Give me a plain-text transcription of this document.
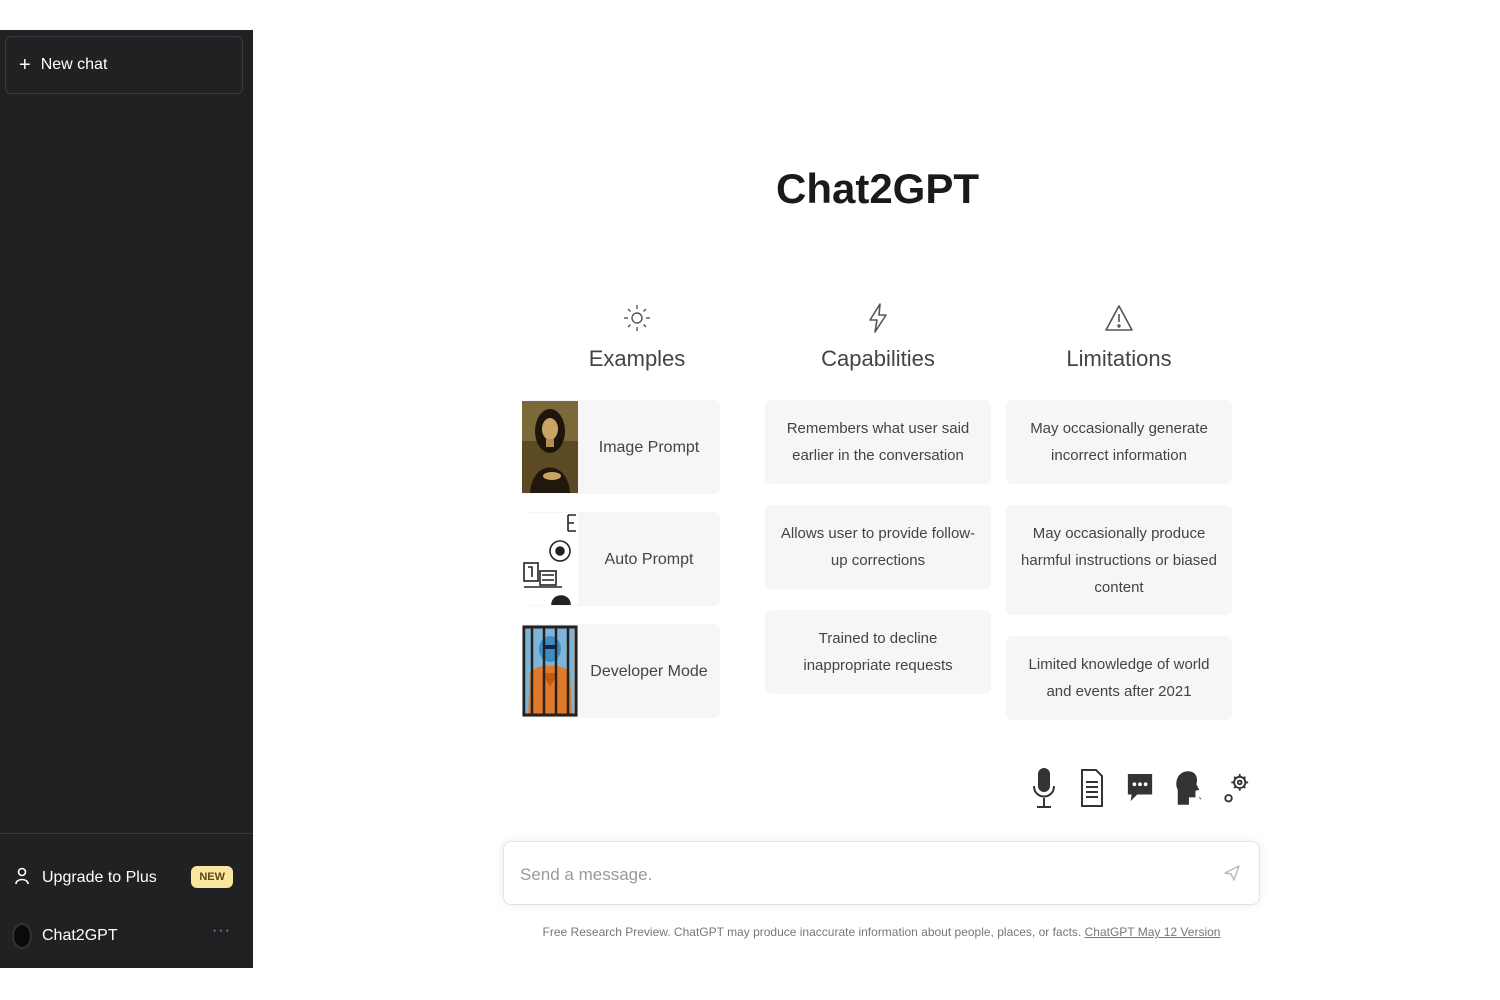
+ New chat
Upgrade to Plus	NEW
Chat2GPT	···
Chat2GPT
Examples	Capabilities	Limitations
Image Prompt
Auto Prompt
Developer Mode
Remembers what user said earlier in the conversation
Allows user to provide follow-up corrections
Trained to decline inappropriate requests
May occasionally generate incorrect information
May occasionally produce harmful instructions or biased content
Limited knowledge of world and events after 2021
Send a message.
Free Research Preview. ChatGPT may produce inaccurate information about people, places, or facts. ChatGPT May 12 Version
